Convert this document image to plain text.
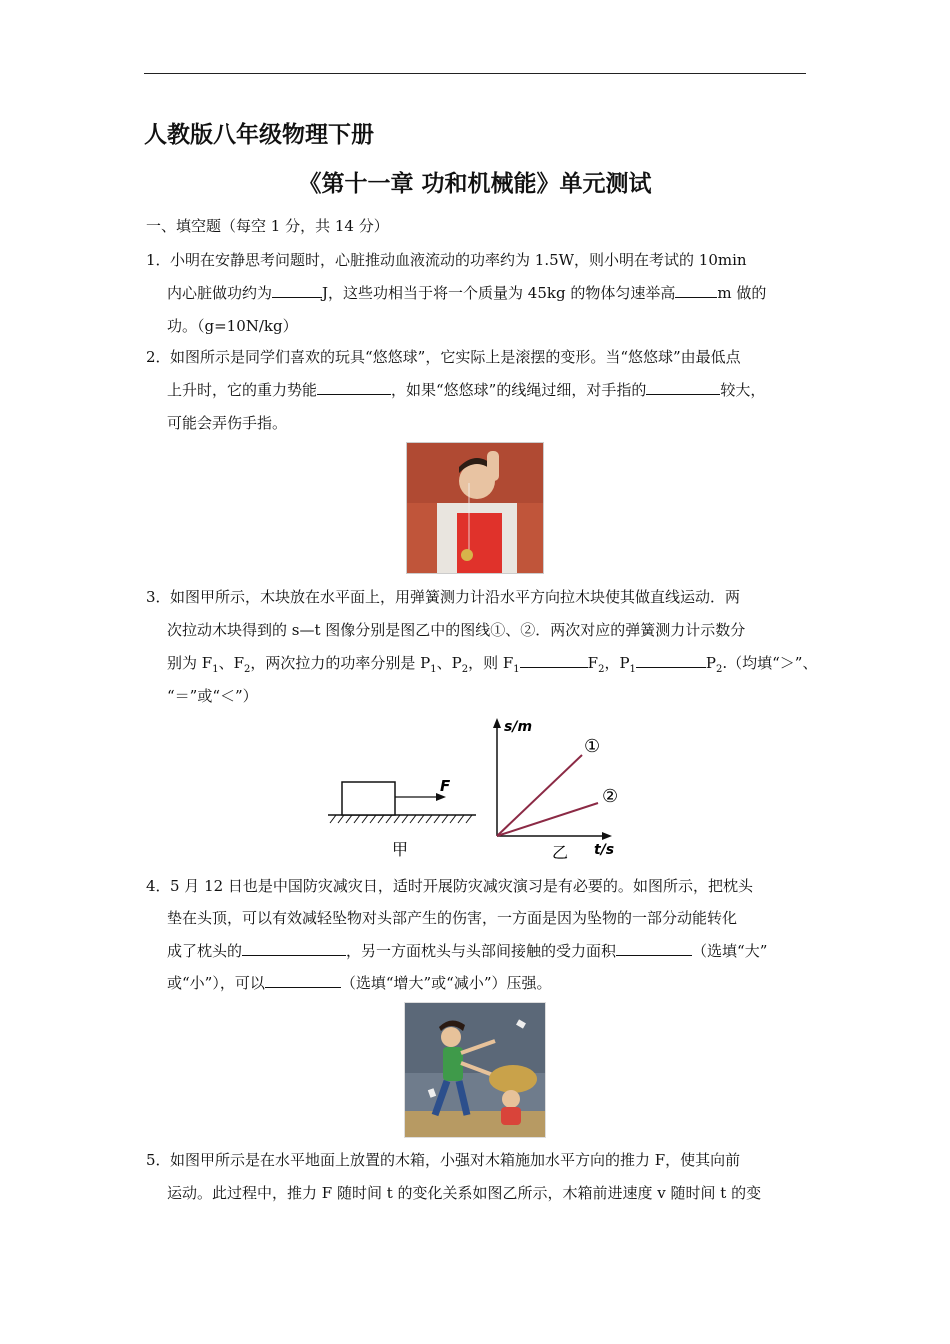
人教版八年级物理下册
《第十一章 功和机械能》单元测试
一、填空题（每空 1 分，共 14 分）
1． 小明在安静思考问题时，心脏推动血液流动的功率约为 1.5W，则小明在考试的 10min
内心脏做功约为	J，这些功相当于将一个质量为 45kg 的物体匀速举高	m 做的
功。（g=10N/kg）
2． 如图所示是同学们喜欢的玩具“悠悠球”，它实际上是滚摆的变形。当“悠悠球”由最低点
上升时，它的重力势能	，如果“悠悠球”的线绳过细，对手指的	较大，
可能会弄伤手指。
3． 如图甲所示，木块放在水平面上，用弹簧测力计沿水平方向拉木块使其做直线运动．两
次拉动木块得到的 s—t 图像分别是图乙中的图线①、②．两次对应的弹簧测力计示数分
别为 $F_1$、$F_2$，两次拉力的功率分别是 $P_1$、$P_2$，则 $F_1$	$F_2$，$P_1$	$P_2$.（均填“＞”、
“＝”或“＜”）
F
甲
s/m
t/s
乙
①
②
4． 5 月 12 日也是中国防灾减灾日，适时开展防灾减灾演习是有必要的。如图所示，把枕头
垫在头顶，可以有效减轻坠物对头部产生的伤害，一方面是因为坠物的一部分动能转化
成了枕头的	，另一方面枕头与头部间接触的受力面积	（选填“大”
或“小”），可以	（选填“增大”或“减小”）压强。
5． 如图甲所示是在水平地面上放置的木箱，小强对木箱施加水平方向的推力 F，使其向前
运动。此过程中，推力 F 随时间 t 的变化关系如图乙所示，木箱前进速度 v 随时间 t 的变
